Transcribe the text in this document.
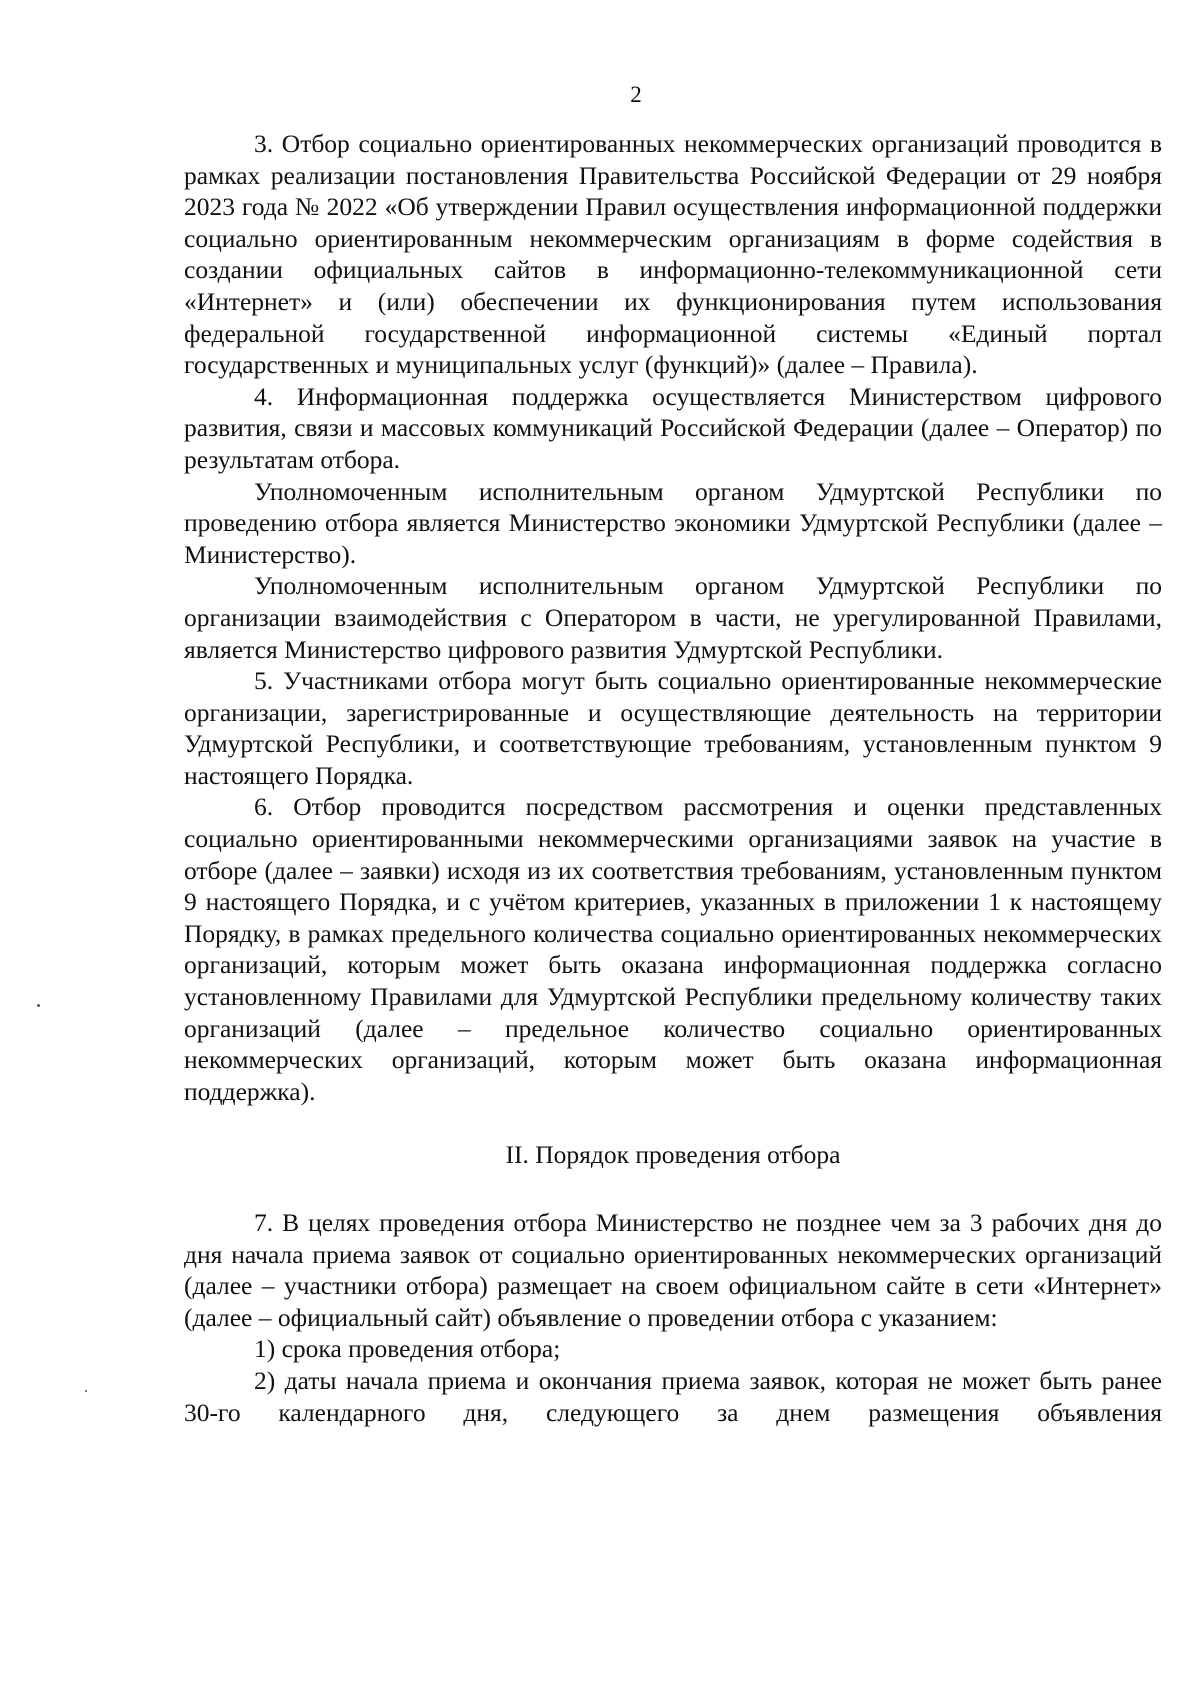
2

3. Отбор социально ориентированных некоммерческих организаций проводится в рамках реализации постановления Правительства Российской Федерации от 29 ноября 2023 года № 2022 «Об утверждении Правил осуществления информационной поддержки социально ориентированным некоммерческим организациям в форме содействия в создании официальных сайтов в информационно-телекоммуникационной сети «Интернет» и (или) обеспечении их функционирования путем использования федеральной государственной информационной системы «Единый портал государственных и муниципальных услуг (функций)» (далее – Правила).

4. Информационная поддержка осуществляется Министерством цифрового развития, связи и массовых коммуникаций Российской Федерации (далее – Оператор) по результатам отбора.

Уполномоченным исполнительным органом Удмуртской Республики по проведению отбора является Министерство экономики Удмуртской Республики (далее – Министерство).

Уполномоченным исполнительным органом Удмуртской Республики по организации взаимодействия с Оператором в части, не урегулированной Правилами, является Министерство цифрового развития Удмуртской Республики.

5. Участниками отбора могут быть социально ориентированные некоммерческие организации, зарегистрированные и осуществляющие деятельность на территории Удмуртской Республики, и соответствующие требованиям, установленным пунктом 9 настоящего Порядка.

6. Отбор проводится посредством рассмотрения и оценки представленных социально ориентированными некоммерческими организациями заявок на участие в отборе (далее – заявки) исходя из их соответствия требованиям, установленным пунктом 9 настоящего Порядка, и с учётом критериев, указанных в приложении 1 к настоящему Порядку, в рамках предельного количества социально ориентированных некоммерческих организаций, которым может быть оказана информационная поддержка согласно установленному Правилами для Удмуртской Республики предельному количеству таких организаций (далее – предельное количество социально ориентированных некоммерческих организаций, которым может быть оказана информационная поддержка).

II. Порядок проведения отбора

7. В целях проведения отбора Министерство не позднее чем за 3 рабочих дня до дня начала приема заявок от социально ориентированных некоммерческих организаций (далее – участники отбора) размещает на своем официальном сайте в сети «Интернет» (далее – официальный сайт) объявление о проведении отбора с указанием:

1) срока проведения отбора;

2) даты начала приема и окончания приема заявок, которая не может быть ранее 30-го календарного дня, следующего за днем размещения объявления
